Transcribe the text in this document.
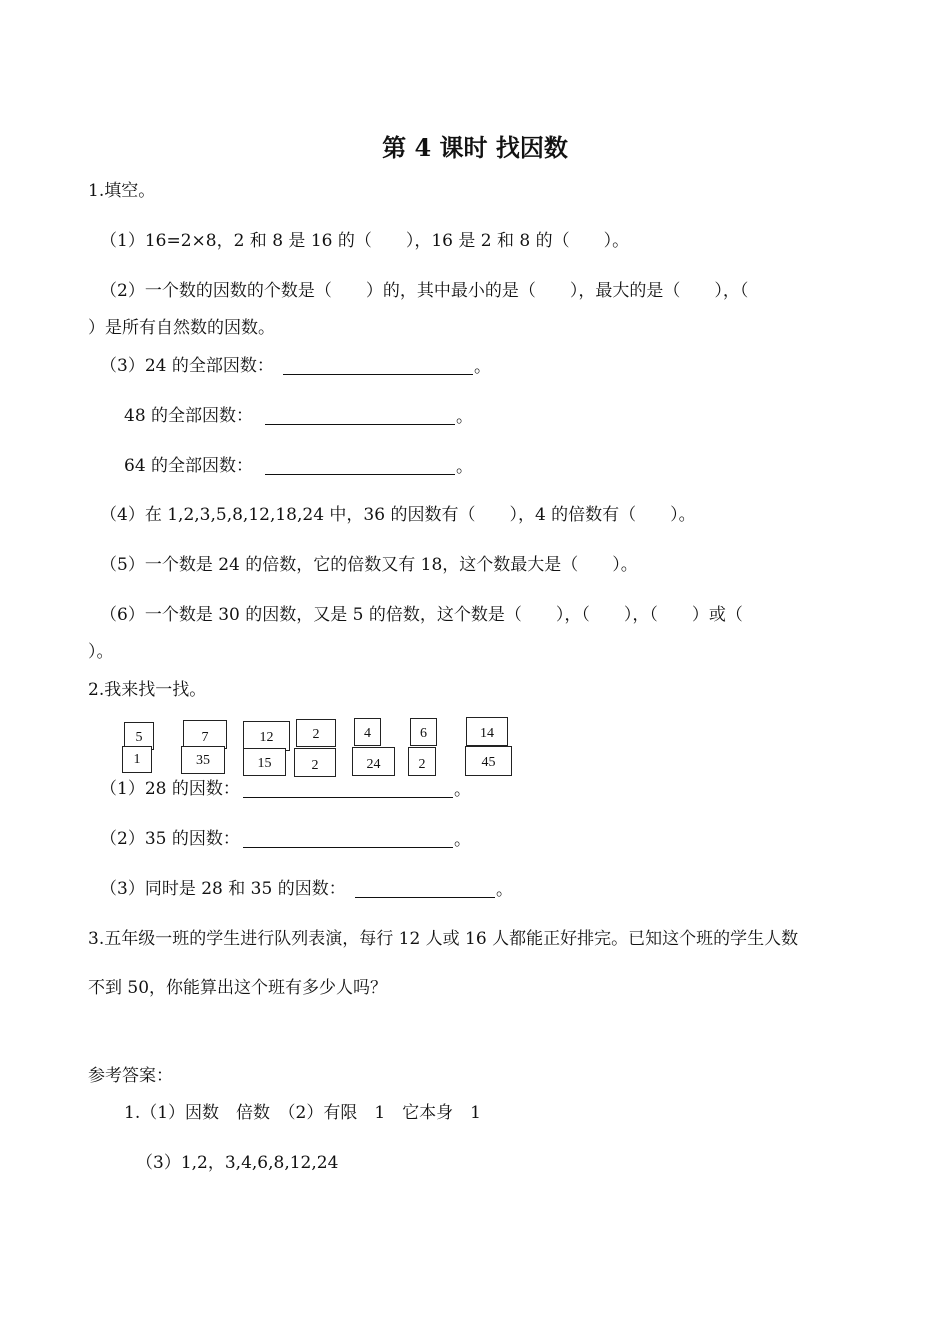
第 4 课时 找因数
1.填空。
（1）16=2×8，2 和 8 是 16 的（　　），16 是 2 和 8 的（　　）。
（2）一个数的因数的个数是（　　）的，其中最小的是（　　），最大的是（　　），（
）是所有自然数的因数。
（3）24 的全部因数：	。
48 的全部因数：	。
64 的全部因数：	。
（4）在 1,2,3,5,8,12,18,24 中，36 的因数有（　　），4 的倍数有（　　）。
（5）一个数是 24 的倍数，它的倍数又有 18，这个数最大是（　　）。
（6）一个数是 30 的因数，又是 5 的倍数，这个数是（　　），（　　），（　　）或（
）。
2.我来找一找。
5
1
7
35
12
15
2
2
4
24
6
2
14
45
（1）28 的因数：	。
（2）35 的因数：	。
（3）同时是 28 和 35 的因数：	。
3.五年级一班的学生进行队列表演，每行 12 人或 16 人都能正好排完。已知这个班的学生人数
不到 50，你能算出这个班有多少人吗？
参考答案：
1.（1）因数　倍数　（2）有限　1　它本身　1
（3）1,2，3,4,6,8,12,24
